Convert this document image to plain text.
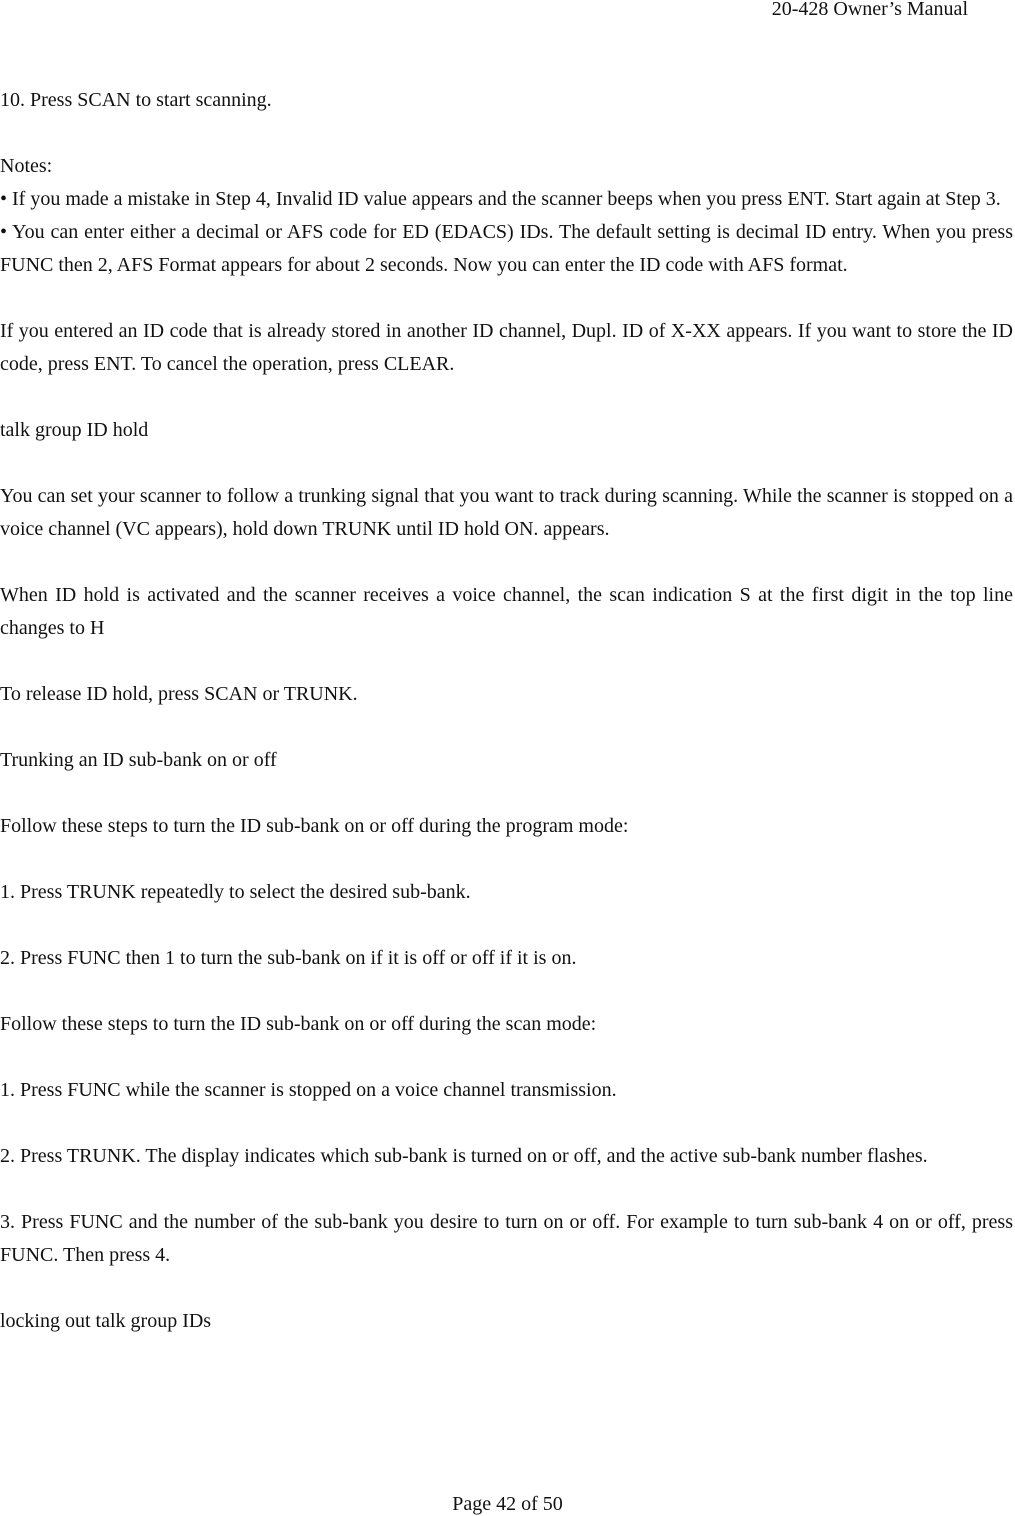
20-428 Owner’s Manual
10. Press SCAN to start scanning.
Notes:

• If you made a mistake in Step 4, Invalid ID value appears and the scanner beeps when you press ENT. Start again at Step 3.

• You can enter either a decimal or AFS code for ED (EDACS) IDs. The default setting is decimal ID entry. When you press FUNC then 2, AFS Format appears for about 2 seconds. Now you can enter the ID code with AFS format.

If you entered an ID code that is already stored in another ID channel, Dupl. ID of X-XX appears. If you want to store the ID code, press ENT. To cancel the operation, press CLEAR.

talk group ID hold

You can set your scanner to follow a trunking signal that you want to track during scanning. While the scanner is stopped on a voice channel (VC appears), hold down TRUNK until ID hold ON. appears.

When ID hold is activated and the scanner receives a voice channel, the scan indication S at the first digit in the top line changes to H

To release ID hold, press SCAN or TRUNK.
Trunking an ID sub-bank on or off
Follow these steps to turn the ID sub-bank on or off during the program mode:
1. Press TRUNK repeatedly to select the desired sub-bank.
2. Press FUNC then 1 to turn the sub-bank on if it is off or off if it is on.
Follow these steps to turn the ID sub-bank on or off during the scan mode:
1. Press FUNC while the scanner is stopped on a voice channel transmission.

2. Press TRUNK. The display indicates which sub-bank is turned on or off, and the active sub-bank number flashes.

3. Press FUNC and the number of the sub-bank you desire to turn on or off. For example to turn sub-bank 4 on or off, press FUNC. Then press 4.

locking out talk group IDs
Page 42 of 50
